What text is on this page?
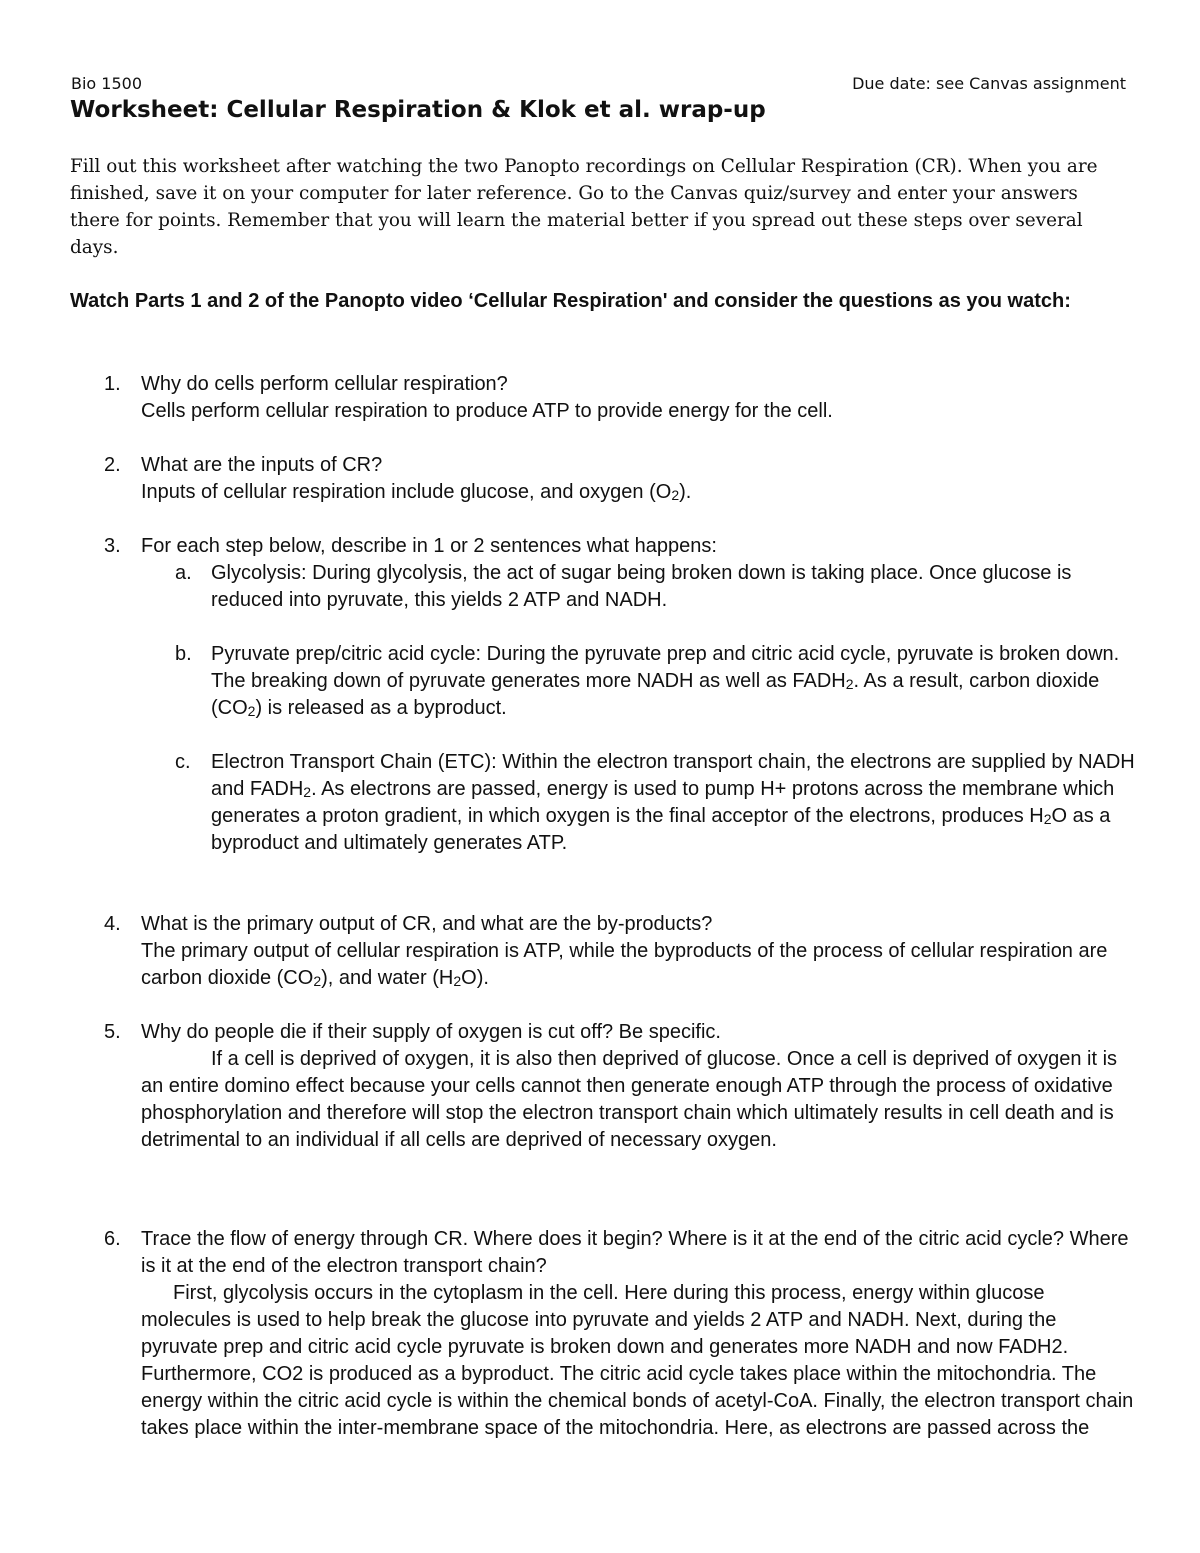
Bio 1500	Due date: see Canvas assignment
Worksheet: Cellular Respiration & Klok et al. wrap-up

Fill out this worksheet after watching the two Panopto recordings on Cellular Respiration (CR). When you are finished, save it on your computer for later reference. Go to the Canvas quiz/survey and enter your answers there for points. Remember that you will learn the material better if you spread out these steps over several days.

Watch Parts 1 and 2 of the Panopto video ‘Cellular Respiration' and consider the questions as you watch:

1. Why do cells perform cellular respiration?

Cells perform cellular respiration to produce ATP to provide energy for the cell.

2. What are the inputs of CR?

Inputs of cellular respiration include glucose, and oxygen $(O_2)$.

3. For each step below, describe in 1 or 2 sentences what happens:

a. Glycolysis: During glycolysis, the act of sugar being broken down is taking place. Once glucose is reduced into pyruvate, this yields 2 ATP and NADH.

b. Pyruvate prep/citric acid cycle: During the pyruvate prep and citric acid cycle, pyruvate is broken down. The breaking down of pyruvate generates more NADH as well as $FADH_2$. As a result, carbon dioxide $(CO_2)$ is released as a byproduct.

c. Electron Transport Chain (ETC): Within the electron transport chain, the electrons are supplied by NADH and $FADH_2$. As electrons are passed, energy is used to pump H+ protons across the membrane which generates a proton gradient, in which oxygen is the final acceptor of the electrons, produces $H_2O$ as a byproduct and ultimately generates ATP.

4. What is the primary output of CR, and what are the by-products?

The primary output of cellular respiration is ATP, while the byproducts of the process of cellular respiration are carbon dioxide $(CO_2)$, and water $(H_2O)$.

5. Why do people die if their supply of oxygen is cut off? Be specific.

If a cell is deprived of oxygen, it is also then deprived of glucose. Once a cell is deprived of oxygen it is an entire domino effect because your cells cannot then generate enough ATP through the process of oxidative phosphorylation and therefore will stop the electron transport chain which ultimately results in cell death and is detrimental to an individual if all cells are deprived of necessary oxygen.

6. Trace the flow of energy through CR. Where does it begin? Where is it at the end of the citric acid cycle? Where is it at the end of the electron transport chain?

First, glycolysis occurs in the cytoplasm in the cell. Here during this process, energy within glucose molecules is used to help break the glucose into pyruvate and yields 2 ATP and NADH. Next, during the pyruvate prep and citric acid cycle pyruvate is broken down and generates more NADH and now FADH2. Furthermore, CO2 is produced as a byproduct. The citric acid cycle takes place within the mitochondria. The energy within the citric acid cycle is within the chemical bonds of acetyl-CoA. Finally, the electron transport chain takes place within the inter-membrane space of the mitochondria. Here, as electrons are passed across the
